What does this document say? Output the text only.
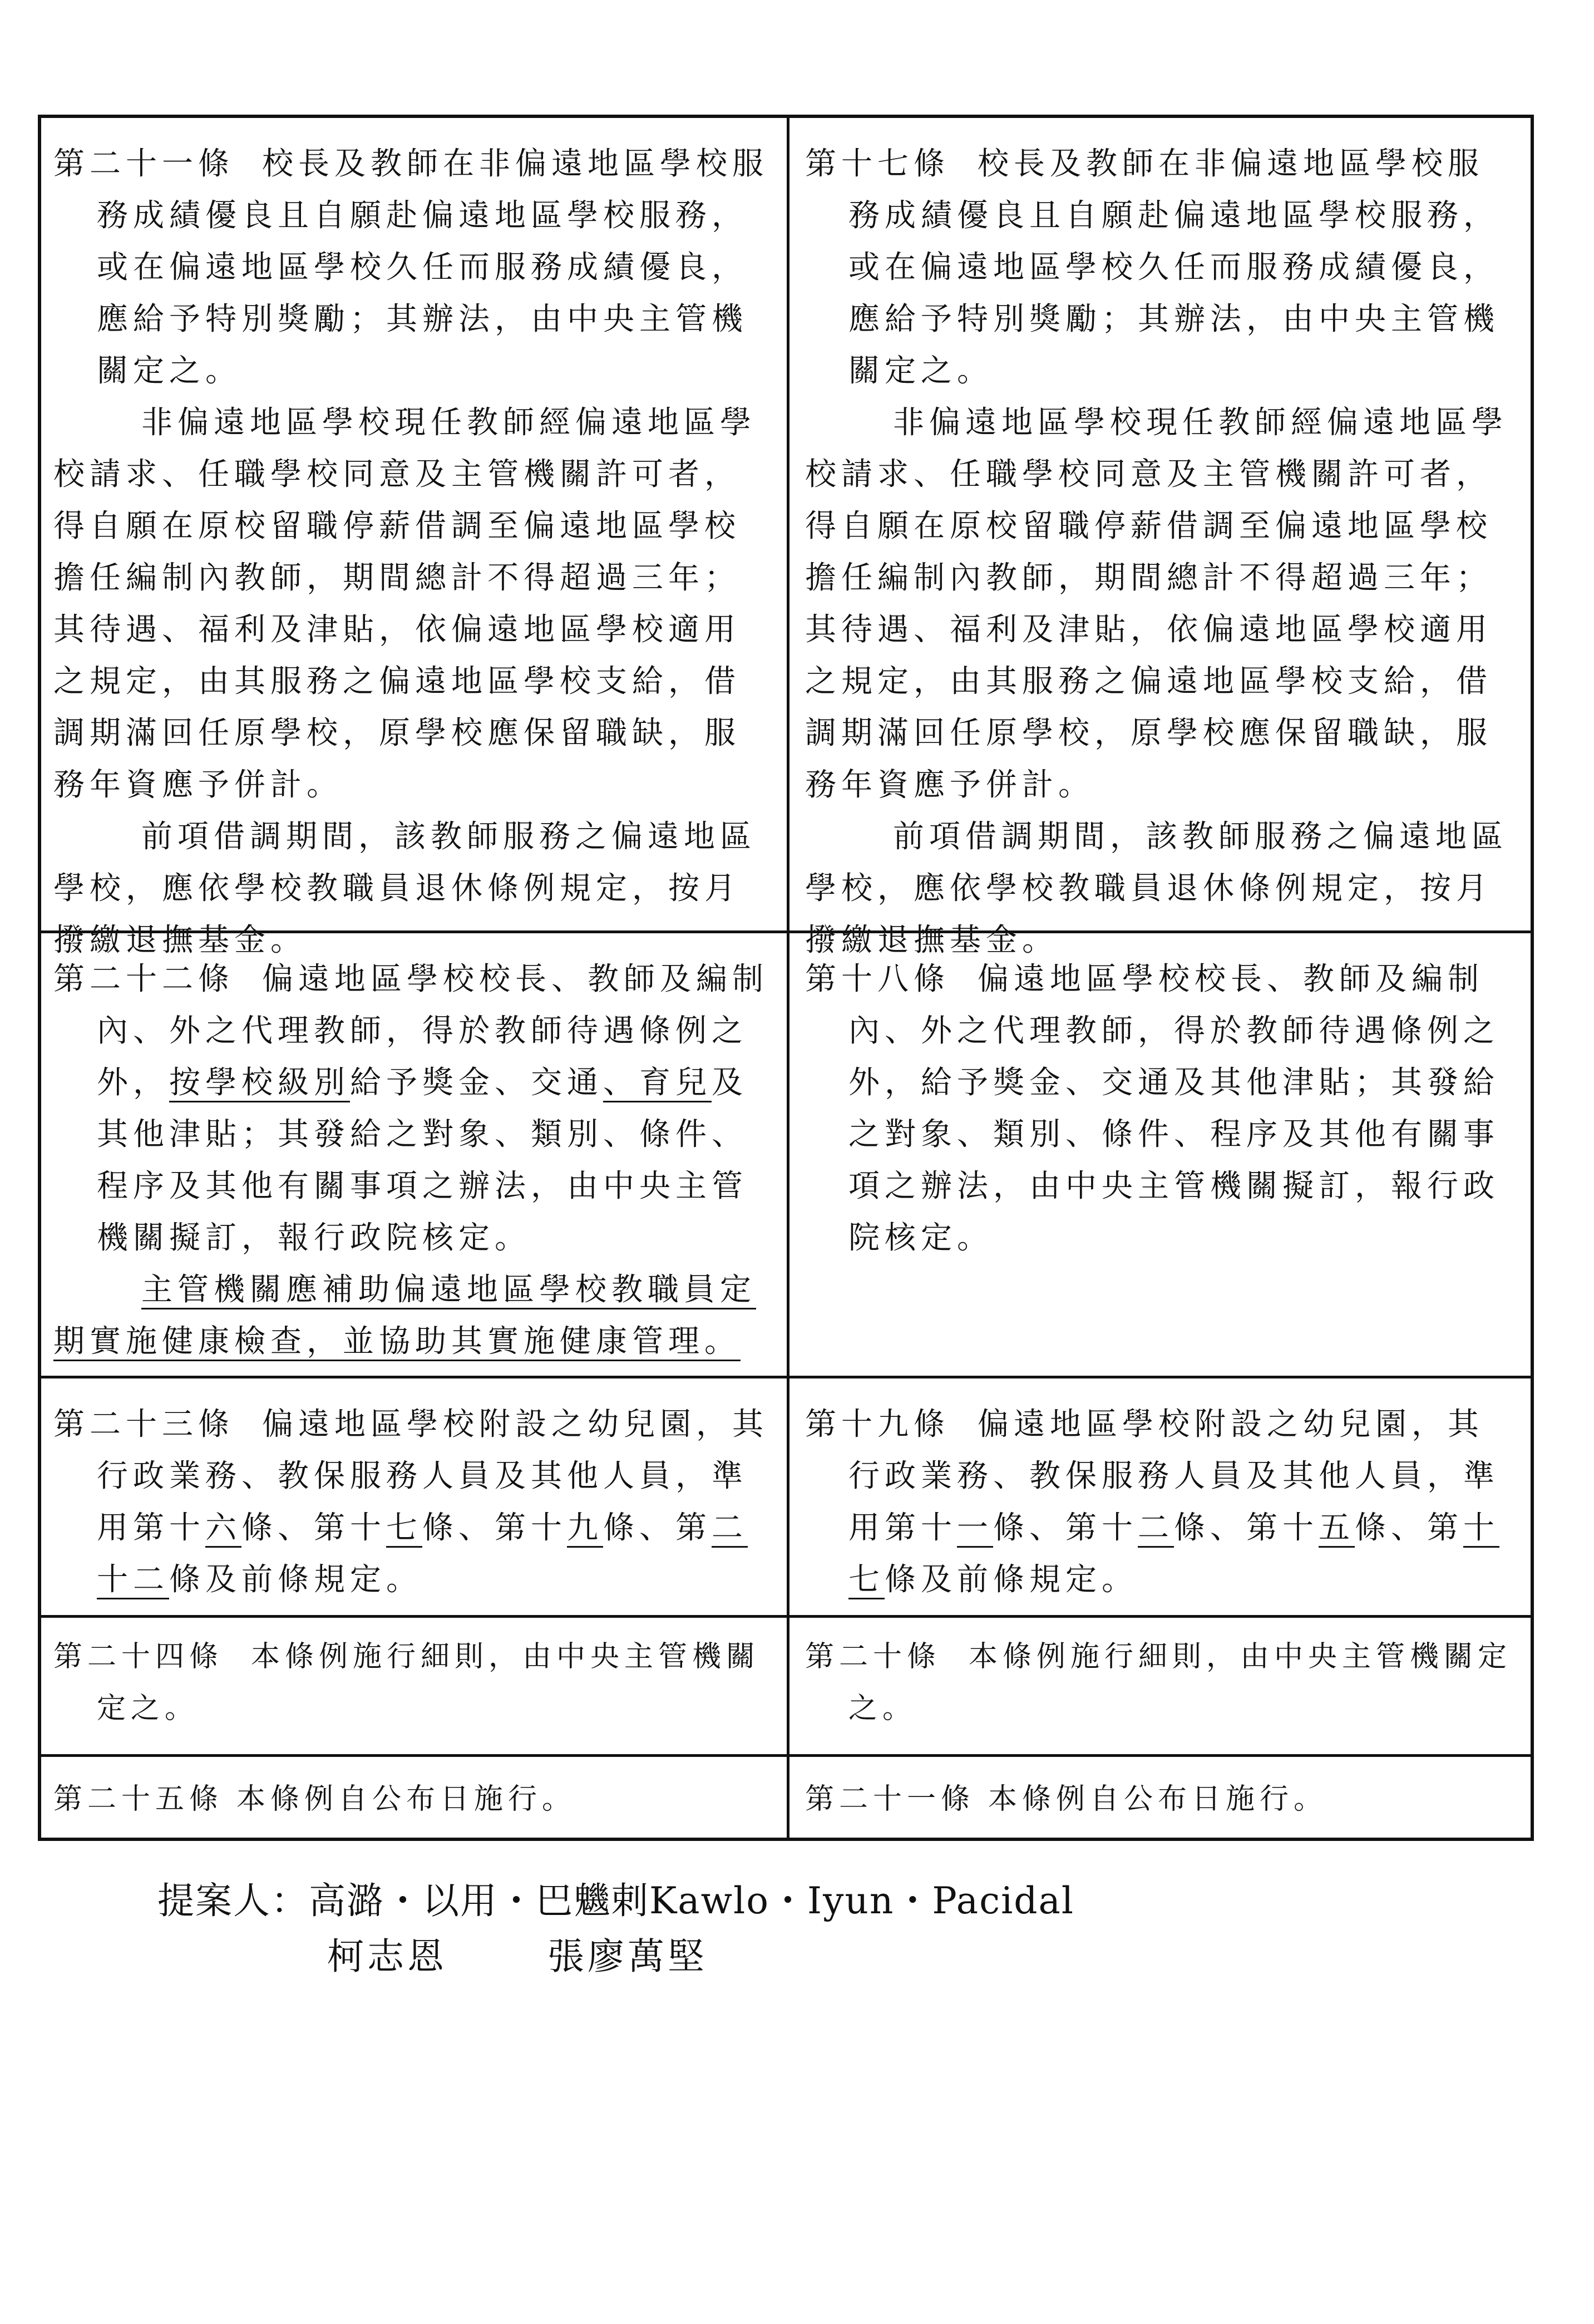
第二十一條 校長及教師在非偏遠地區學校服務成績優良且自願赴偏遠地區學校服務，或在偏遠地區學校久任而服務成績優良，應給予特別獎勵；其辦法，由中央主管機關定之。

非偏遠地區學校現任教師經偏遠地區學校請求、任職學校同意及主管機關許可者，得自願在原校留職停薪借調至偏遠地區學校擔任編制內教師，期間總計不得超過三年；其待遇、福利及津貼，依偏遠地區學校適用之規定，由其服務之偏遠地區學校支給，借調期滿回任原學校，原學校應保留職缺，服務年資應予併計。

前項借調期間，該教師服務之偏遠地區學校，應依學校教職員退休條例規定，按月撥繳退撫基金。

第十七條 校長及教師在非偏遠地區學校服務成績優良且自願赴偏遠地區學校服務，或在偏遠地區學校久任而服務成績優良，應給予特別獎勵；其辦法，由中央主管機關定之。

非偏遠地區學校現任教師經偏遠地區學校請求、任職學校同意及主管機關許可者，得自願在原校留職停薪借調至偏遠地區學校擔任編制內教師，期間總計不得超過三年；其待遇、福利及津貼，依偏遠地區學校適用之規定，由其服務之偏遠地區學校支給，借調期滿回任原學校，原學校應保留職缺，服務年資應予併計。

前項借調期間，該教師服務之偏遠地區學校，應依學校教職員退休條例規定，按月撥繳退撫基金。

第二十二條 偏遠地區學校校長、教師及編制內、外之代理教師，得於教師待遇條例之外，按學校級別給予獎金、交通、育兒及其他津貼；其發給之對象、類別、條件、程序及其他有關事項之辦法，由中央主管機關擬訂，報行政院核定。

主管機關應補助偏遠地區學校教職員定期實施健康檢查，並協助其實施健康管理。

第十八條 偏遠地區學校校長、教師及編制內、外之代理教師，得於教師待遇條例之外，給予獎金、交通及其他津貼；其發給之對象、類別、條件、程序及其他有關事項之辦法，由中央主管機關擬訂，報行政院核定。

第二十三條 偏遠地區學校附設之幼兒園，其行政業務、教保服務人員及其他人員，準用第十六條、第十七條、第十九條、第二十二條及前條規定。

第十九條 偏遠地區學校附設之幼兒園，其行政業務、教保服務人員及其他人員，準用第十一條、第十二條、第十五條、第十七條及前條規定。

第二十四條 本條例施行細則，由中央主管機關定之。

第二十條 本條例施行細則，由中央主管機關定之。

第二十五條 本條例自公布日施行。	第二十一條 本條例自公布日施行。

提案人：高潞・以用・巴魕剌Kawlo・Iyun・Pacidal
柯志恩	張廖萬堅
